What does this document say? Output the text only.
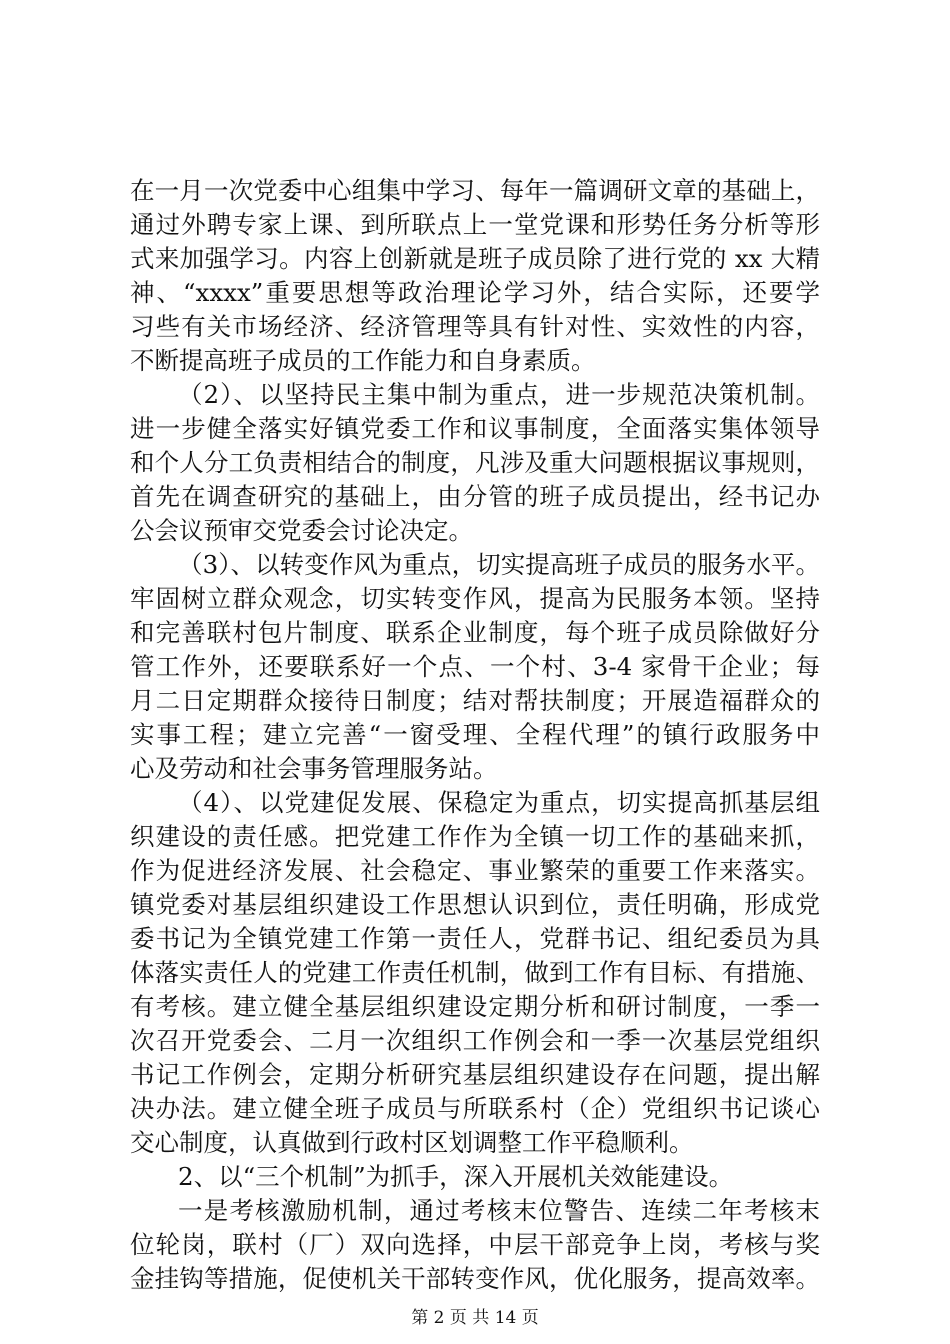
在一月一次党委中心组集中学习、每年一篇调研文章的基础上，
通过外聘专家上课、到所联点上一堂党课和形势任务分析等形
式来加强学习。内容上创新就是班子成员除了进行党的 xx 大精
神、“xxxx”重要思想等政治理论学习外，结合实际，还要学
习些有关市场经济、经济管理等具有针对性、实效性的内容，
不断提高班子成员的工作能力和自身素质。
（2）、以坚持民主集中制为重点，进一步规范决策机制。
进一步健全落实好镇党委工作和议事制度，全面落实集体领导
和个人分工负责相结合的制度，凡涉及重大问题根据议事规则，
首先在调查研究的基础上，由分管的班子成员提出，经书记办
公会议预审交党委会讨论决定。
（3）、以转变作风为重点，切实提高班子成员的服务水平。
牢固树立群众观念，切实转变作风，提高为民服务本领。坚持
和完善联村包片制度、联系企业制度，每个班子成员除做好分
管工作外，还要联系好一个点、一个村、3-4 家骨干企业；每
月二日定期群众接待日制度；结对帮扶制度；开展造福群众的
实事工程；建立完善“一窗受理、全程代理”的镇行政服务中
心及劳动和社会事务管理服务站。
（4）、以党建促发展、保稳定为重点，切实提高抓基层组
织建设的责任感。把党建工作作为全镇一切工作的基础来抓，
作为促进经济发展、社会稳定、事业繁荣的重要工作来落实。
镇党委对基层组织建设工作思想认识到位，责任明确，形成党
委书记为全镇党建工作第一责任人，党群书记、组纪委员为具
体落实责任人的党建工作责任机制，做到工作有目标、有措施、
有考核。建立健全基层组织建设定期分析和研讨制度，一季一
次召开党委会、二月一次组织工作例会和一季一次基层党组织
书记工作例会，定期分析研究基层组织建设存在问题，提出解
决办法。建立健全班子成员与所联系村（企）党组织书记谈心
交心制度，认真做到行政村区划调整工作平稳顺利。
2、以“三个机制”为抓手，深入开展机关效能建设。
一是考核激励机制，通过考核末位警告、连续二年考核末
位轮岗，联村（厂）双向选择，中层干部竞争上岗，考核与奖
金挂钩等措施，促使机关干部转变作风，优化服务，提高效率。
第 2 页 共 14 页
